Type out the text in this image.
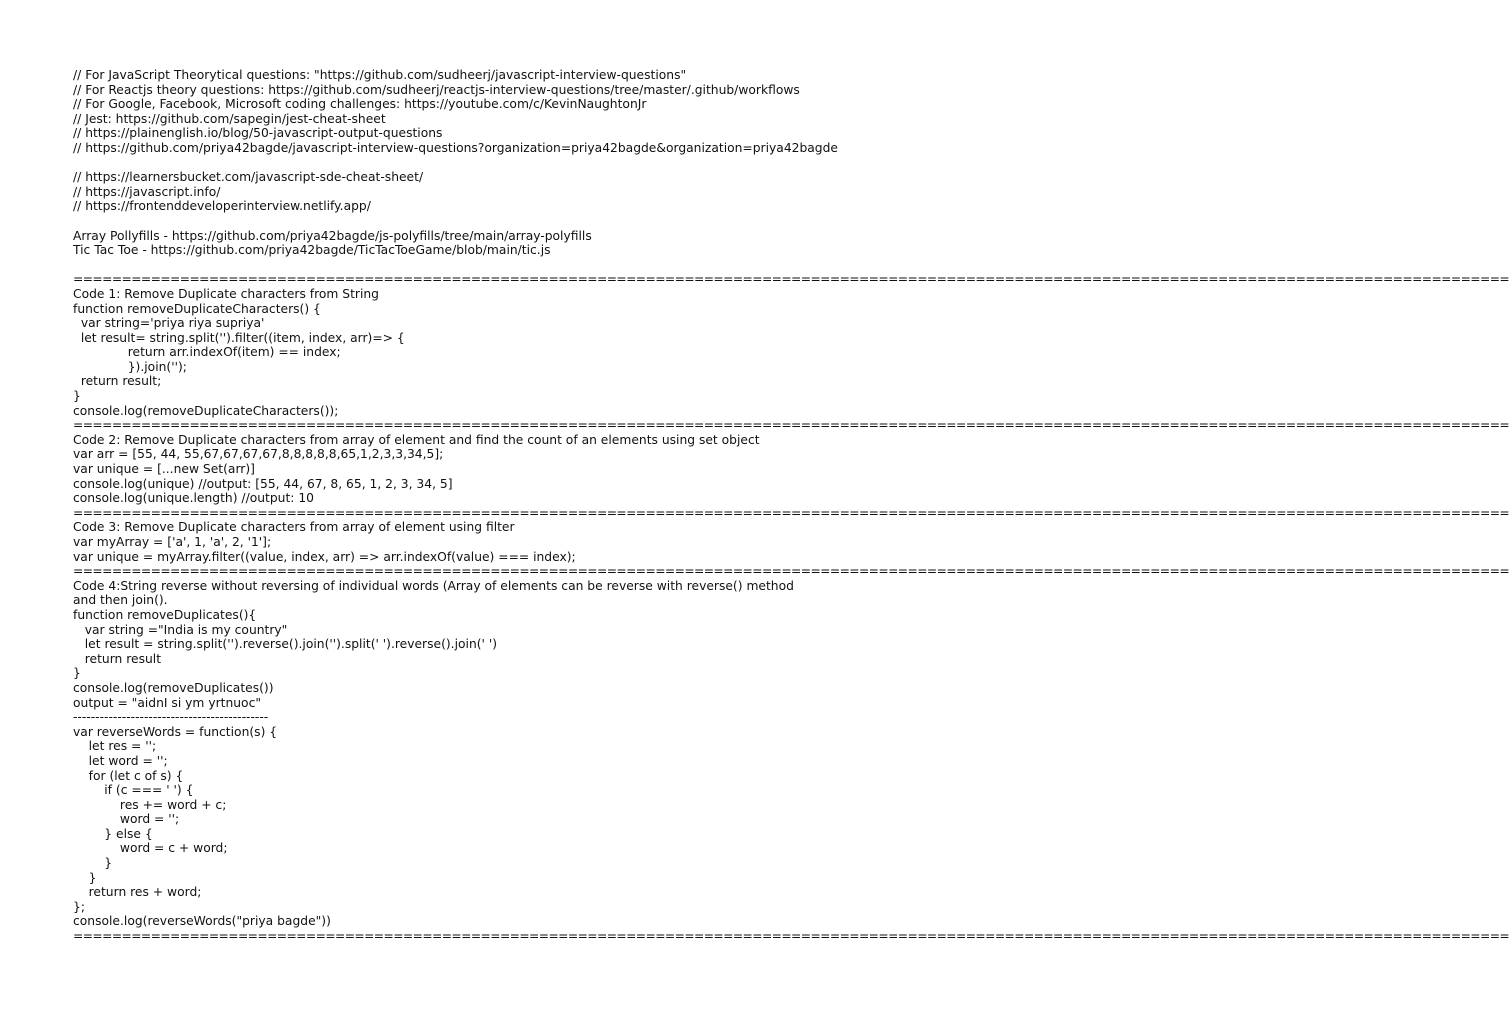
// For JavaScript Theorytical questions: "https://github.com/sudheerj/javascript-interview-questions"
// For Reactjs theory questions: https://github.com/sudheerj/reactjs-interview-questions/tree/master/.github/workflows
// For Google, Facebook, Microsoft coding challenges: https://youtube.com/c/KevinNaughtonJr
// Jest: https://github.com/sapegin/jest-cheat-sheet
// https://plainenglish.io/blog/50-javascript-output-questions
// https://github.com/priya42bagde/javascript-interview-questions?organization=priya42bagde&organization=priya42bagde
// https://learnersbucket.com/javascript-sde-cheat-sheet/
// https://javascript.info/
// https://frontenddeveloperinterview.netlify.app/
Array Pollyfills - https://github.com/priya42bagde/js-polyfills/tree/main/array-polyfills
Tic Tac Toe - https://github.com/priya42bagde/TicTacToeGame/blob/main/tic.js
====================================================================================================================================================
Code 1: Remove Duplicate characters from String
function removeDuplicateCharacters() {
var string='priya riya supriya'
let result= string.split('').filter((item, index, arr)=> {
return arr.indexOf(item) == index;
}).join('');
return result;
}
console.log(removeDuplicateCharacters());
====================================================================================================================================================
Code 2: Remove Duplicate characters from array of element and find the count of an elements using set object
var arr = [55, 44, 55,67,67,67,67,8,8,8,8,8,65,1,2,3,3,34,5];
var unique = [...new Set(arr)]
console.log(unique) //output: [55, 44, 67, 8, 65, 1, 2, 3, 34, 5]
console.log(unique.length) //output: 10
====================================================================================================================================================
Code 3: Remove Duplicate characters from array of element using filter
var myArray = ['a', 1, 'a', 2, '1'];
var unique = myArray.filter((value, index, arr) => arr.indexOf(value) === index);
====================================================================================================================================================
Code 4:String reverse without reversing of individual words (Array of elements can be reverse with reverse() method
and then join().
function removeDuplicates(){
var string ="India is my country"
let result = string.split('').reverse().join('').split(' ').reverse().join(' ')
return result
}
console.log(removeDuplicates())
output = "aidnI si ym yrtnuoc"
--------------------------------------------
var reverseWords = function(s) {
let res = '';
let word = '';
for (let c of s) {
if (c === ' ') {
res += word + c;
word = '';
} else {
word = c + word;
}
}
return res + word;
};
console.log(reverseWords("priya bagde"))
====================================================================================================================================================
